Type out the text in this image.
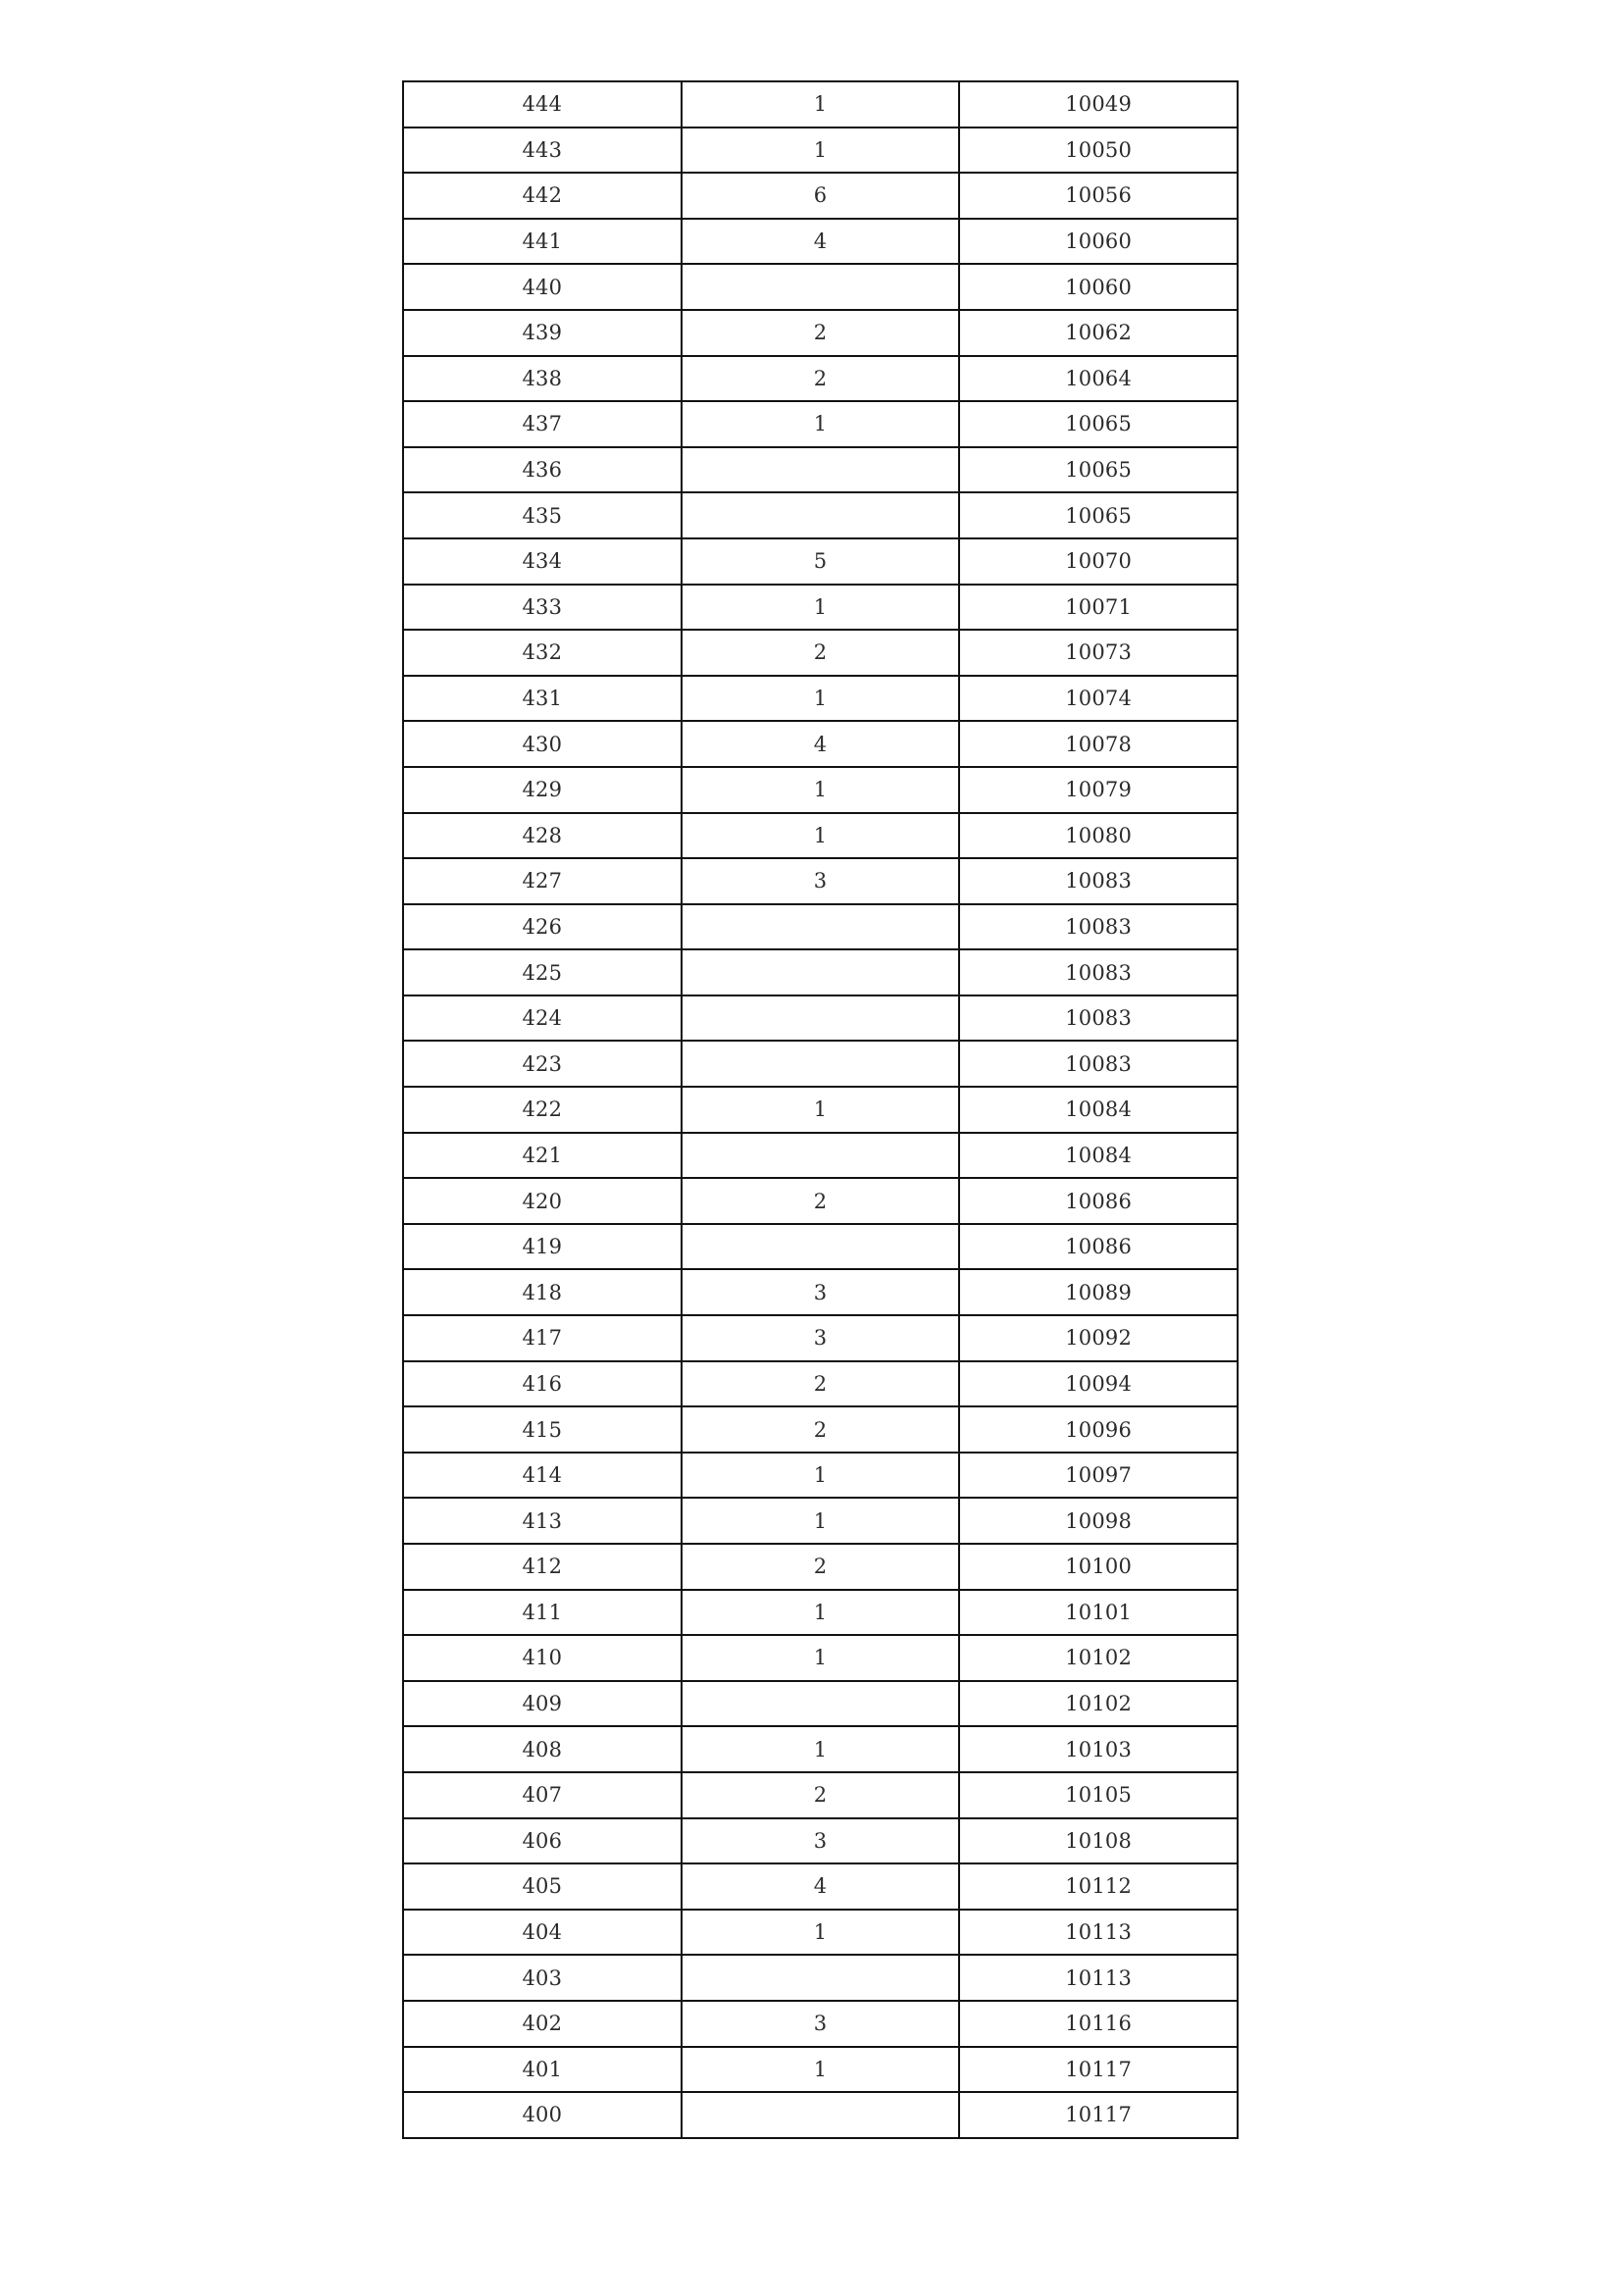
444	1	10049
443	1	10050
442	6	10056
441	4	10060
440		10060
439	2	10062
438	2	10064
437	1	10065
436		10065
435		10065
434	5	10070
433	1	10071
432	2	10073
431	1	10074
430	4	10078
429	1	10079
428	1	10080
427	3	10083
426		10083
425		10083
424		10083
423		10083
422	1	10084
421		10084
420	2	10086
419		10086
418	3	10089
417	3	10092
416	2	10094
415	2	10096
414	1	10097
413	1	10098
412	2	10100
411	1	10101
410	1	10102
409		10102
408	1	10103
407	2	10105
406	3	10108
405	4	10112
404	1	10113
403		10113
402	3	10116
401	1	10117
400		10117
